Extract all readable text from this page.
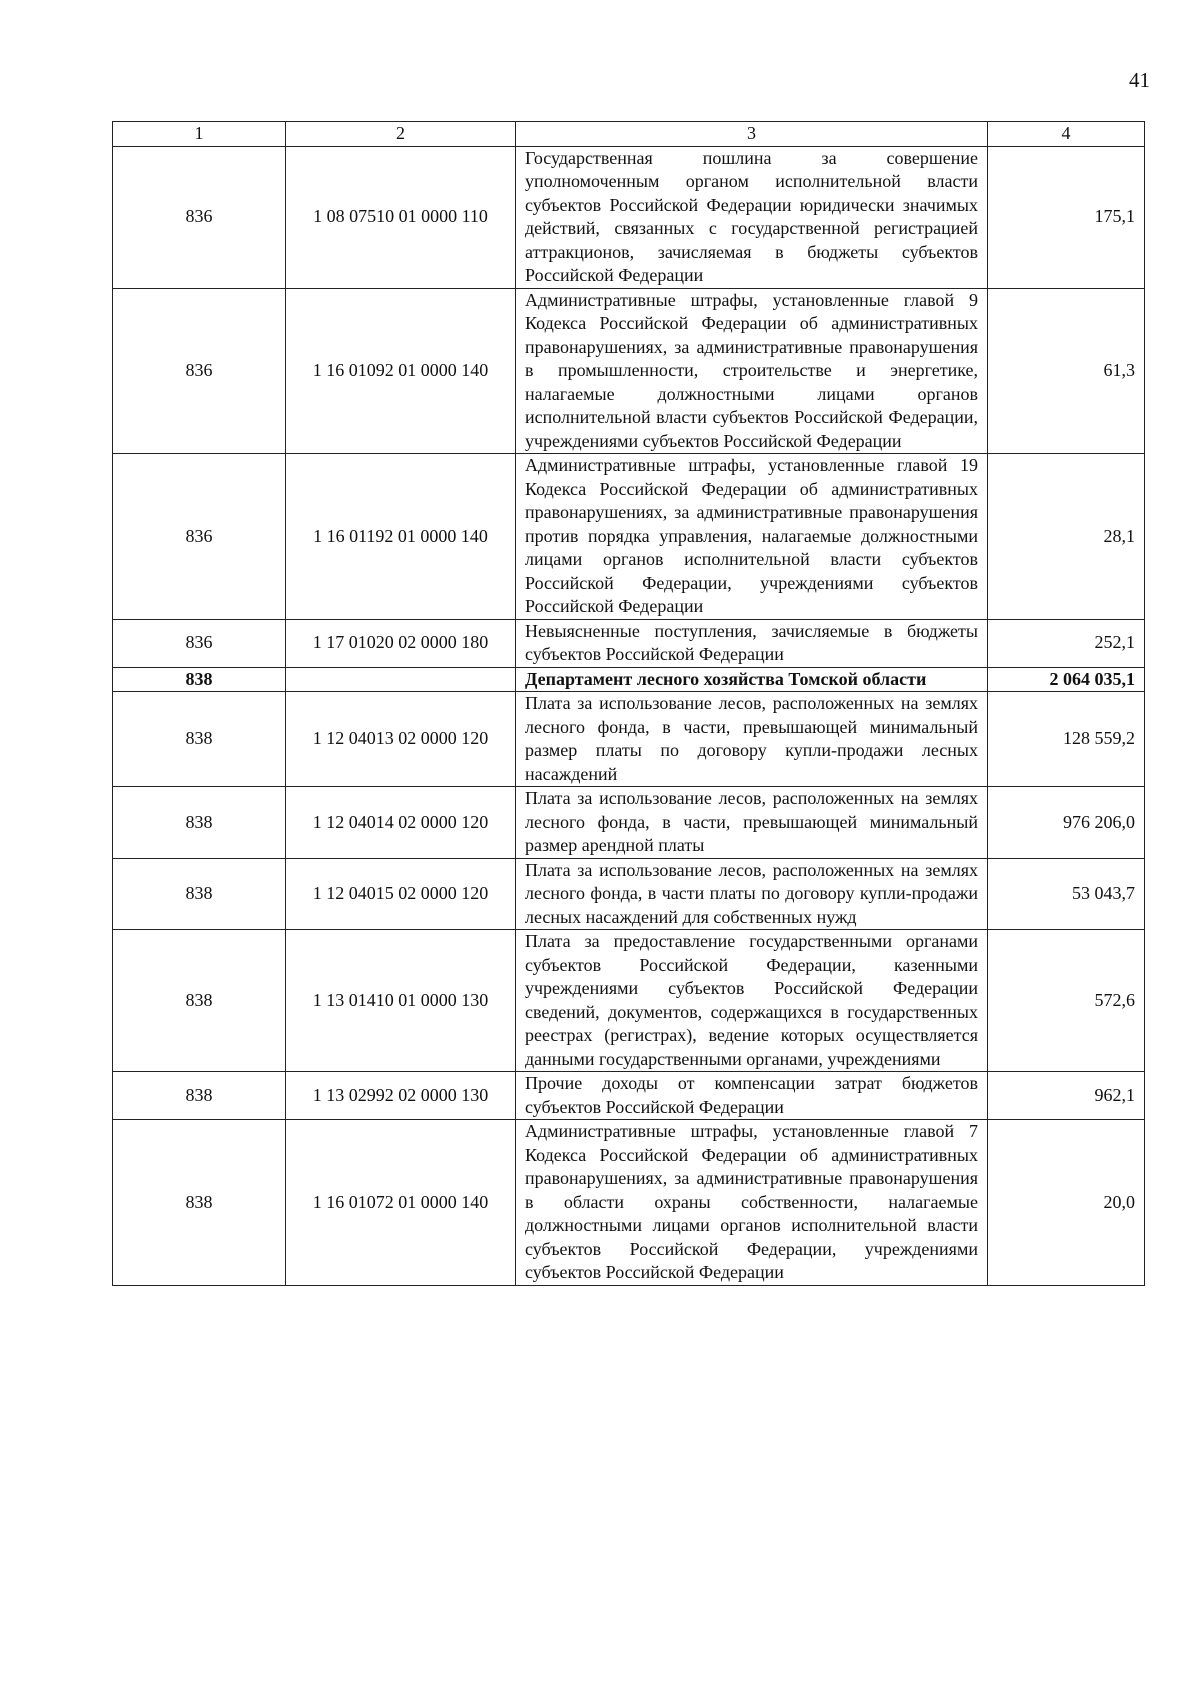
41
1	2	3	4
836	1 08 07510 01 0000 110	Государственная пошлина за совершение уполномоченным органом исполнительной власти субъектов Российской Федерации юридически значимых действий, связанных с государственной регистрацией аттракционов, зачисляемая в бюджеты субъектов Российской Федерации	175,1
836	1 16 01092 01 0000 140	Административные штрафы, установленные главой 9 Кодекса Российской Федерации об административных правонарушениях, за административные правонарушения в промышленности, строительстве и энергетике, налагаемые должностными лицами органов исполнительной власти субъектов Российской Федерации, учреждениями субъектов Российской Федерации	61,3
836	1 16 01192 01 0000 140	Административные штрафы, установленные главой 19 Кодекса Российской Федерации об административных правонарушениях, за административные правонарушения против порядка управления, налагаемые должностными лицами органов исполнительной власти субъектов Российской Федерации, учреждениями субъектов Российской Федерации	28,1
836	1 17 01020 02 0000 180	Невыясненные поступления, зачисляемые в бюджеты субъектов Российской Федерации	252,1
838		Департамент лесного хозяйства Томской области	2 064 035,1
838	1 12 04013 02 0000 120	Плата за использование лесов, расположенных на землях лесного фонда, в части, превышающей минимальный размер платы по договору купли-продажи лесных насаждений	128 559,2
838	1 12 04014 02 0000 120	Плата за использование лесов, расположенных на землях лесного фонда, в части, превышающей минимальный размер арендной платы	976 206,0
838	1 12 04015 02 0000 120	Плата за использование лесов, расположенных на землях лесного фонда, в части платы по договору купли-продажи лесных насаждений для собственных нужд	53 043,7
838	1 13 01410 01 0000 130	Плата за предоставление государственными органами субъектов Российской Федерации, казенными учреждениями субъектов Российской Федерации сведений, документов, содержащихся в государственных реестрах (регистрах), ведение которых осуществляется данными государственными органами, учреждениями	572,6
838	1 13 02992 02 0000 130	Прочие доходы от компенсации затрат бюджетов субъектов Российской Федерации	962,1
838	1 16 01072 01 0000 140	Административные штрафы, установленные главой 7 Кодекса Российской Федерации об административных правонарушениях, за административные правонарушения в области охраны собственности, налагаемые должностными лицами органов исполнительной власти субъектов Российской Федерации, учреждениями субъектов Российской Федерации	20,0
